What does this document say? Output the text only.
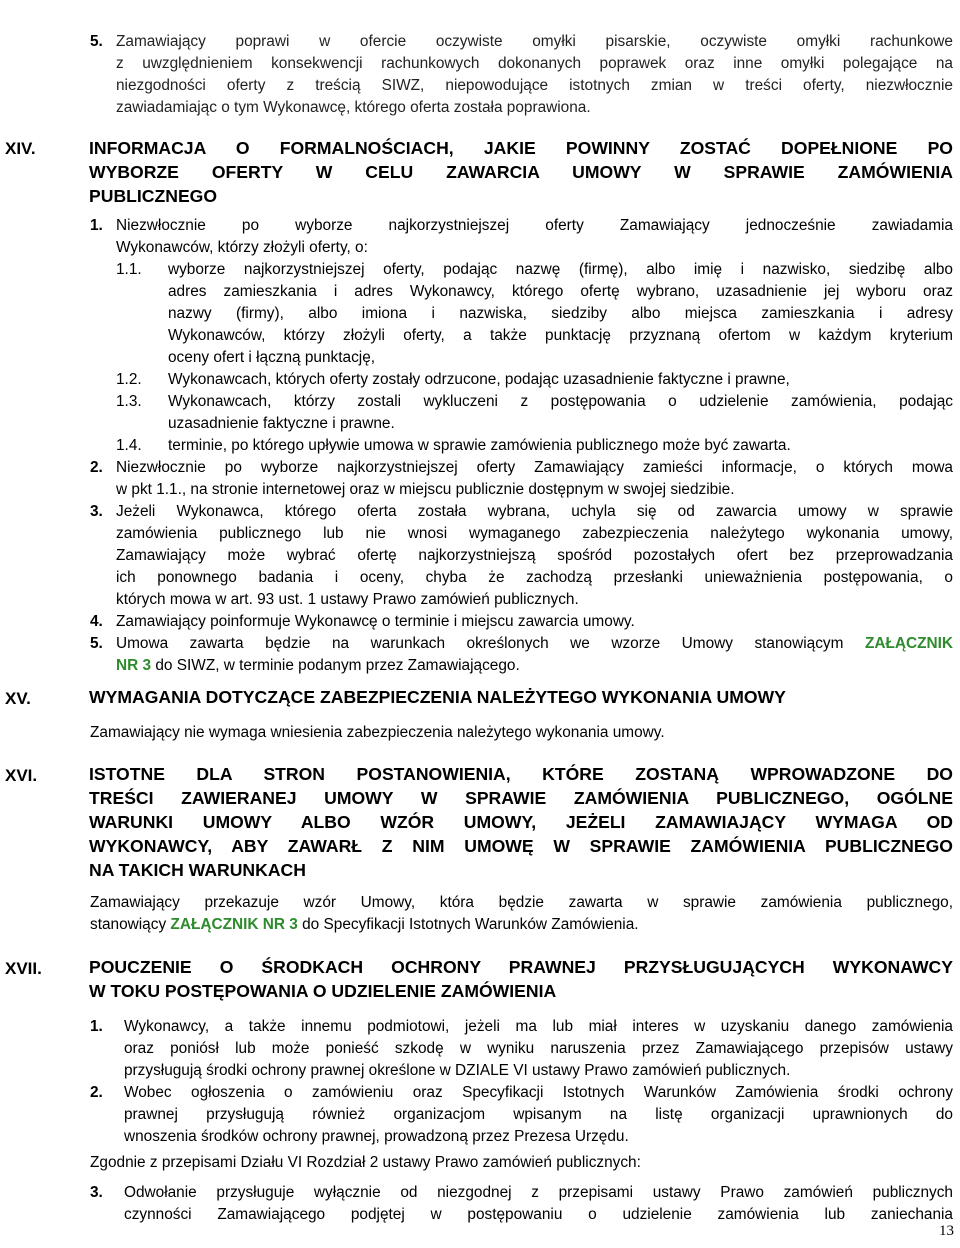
5. Zamawiający poprawi w ofercie oczywiste omyłki pisarskie, oczywiste omyłki rachunkowe
z uwzględnieniem konsekwencji rachunkowych dokonanych poprawek oraz inne omyłki polegające na
niezgodności oferty z treścią SIWZ, niepowodujące istotnych zmian w treści oferty, niezwłocznie
zawiadamiając o tym Wykonawcę, którego oferta została poprawiona.
XIV.	INFORMACJA O FORMALNOŚCIACH, JAKIE POWINNY ZOSTAĆ DOPEŁNIONE PO
WYBORZE OFERTY W CELU ZAWARCIA UMOWY W SPRAWIE ZAMÓWIENIA
PUBLICZNEGO
1. Niezwłocznie po wyborze najkorzystniejszej oferty Zamawiający jednocześnie zawiadamia
Wykonawców, którzy złożyli oferty, o:
1.1. wyborze najkorzystniejszej oferty, podając nazwę (firmę), albo imię i nazwisko, siedzibę albo
adres zamieszkania i adres Wykonawcy, którego ofertę wybrano, uzasadnienie jej wyboru oraz
nazwy (firmy), albo imiona i nazwiska, siedziby albo miejsca zamieszkania i adresy
Wykonawców, którzy złożyli oferty, a także punktację przyznaną ofertom w każdym kryterium
oceny ofert i łączną punktację,
1.2. Wykonawcach, których oferty zostały odrzucone, podając uzasadnienie faktyczne i prawne,
1.3. Wykonawcach, którzy zostali wykluczeni z postępowania o udzielenie zamówienia, podając
uzasadnienie faktyczne i prawne.
1.4. terminie, po którego upływie umowa w sprawie zamówienia publicznego może być zawarta.
2. Niezwłocznie po wyborze najkorzystniejszej oferty Zamawiający zamieści informacje, o których mowa
w pkt 1.1., na stronie internetowej oraz w miejscu publicznie dostępnym w swojej siedzibie.
3. Jeżeli Wykonawca, którego oferta została wybrana, uchyla się od zawarcia umowy w sprawie
zamówienia publicznego lub nie wnosi wymaganego zabezpieczenia należytego wykonania umowy,
Zamawiający może wybrać ofertę najkorzystniejszą spośród pozostałych ofert bez przeprowadzania
ich ponownego badania i oceny, chyba że zachodzą przesłanki unieważnienia postępowania, o
których mowa w art. 93 ust. 1 ustawy Prawo zamówień publicznych.
4. Zamawiający poinformuje Wykonawcę o terminie i miejscu zawarcia umowy.
5. Umowa zawarta będzie na warunkach określonych we wzorze Umowy stanowiącym ZAŁĄCZNIK
NR 3 do SIWZ, w terminie podanym przez Zamawiającego.
XV.	WYMAGANIA DOTYCZĄCE ZABEZPIECZENIA NALEŻYTEGO WYKONANIA UMOWY
Zamawiający nie wymaga wniesienia zabezpieczenia należytego wykonania umowy.
XVI.	ISTOTNE DLA STRON POSTANOWIENIA, KTÓRE ZOSTANĄ WPROWADZONE DO
TREŚCI ZAWIERANEJ UMOWY W SPRAWIE ZAMÓWIENIA PUBLICZNEGO, OGÓLNE
WARUNKI UMOWY ALBO WZÓR UMOWY, JEŻELI ZAMAWIAJĄCY WYMAGA OD
WYKONAWCY, ABY ZAWARŁ Z NIM UMOWĘ W SPRAWIE ZAMÓWIENIA PUBLICZNEGO
NA TAKICH WARUNKACH
Zamawiający przekazuje wzór Umowy, która będzie zawarta w sprawie zamówienia publicznego,
stanowiący ZAŁĄCZNIK NR 3 do Specyfikacji Istotnych Warunków Zamówienia.
XVII.	POUCZENIE O ŚRODKACH OCHRONY PRAWNEJ PRZYSŁUGUJĄCYCH WYKONAWCY
W TOKU POSTĘPOWANIA O UDZIELENIE ZAMÓWIENIA
1. Wykonawcy, a także innemu podmiotowi, jeżeli ma lub miał interes w uzyskaniu danego zamówienia
oraz poniósł lub może ponieść szkodę w wyniku naruszenia przez Zamawiającego przepisów ustawy
przysługują środki ochrony prawnej określone w DZIALE VI ustawy Prawo zamówień publicznych.
2. Wobec ogłoszenia o zamówieniu oraz Specyfikacji Istotnych Warunków Zamówienia środki ochrony
prawnej przysługują również organizacjom wpisanym na listę organizacji uprawnionych do
wnoszenia środków ochrony prawnej, prowadzoną przez Prezesa Urzędu.
Zgodnie z przepisami Działu VI Rozdział 2 ustawy Prawo zamówień publicznych:
3. Odwołanie przysługuje wyłącznie od niezgodnej z przepisami ustawy Prawo zamówień publicznych
czynności Zamawiającego podjętej w postępowaniu o udzielenie zamówienia lub zaniechania
13
